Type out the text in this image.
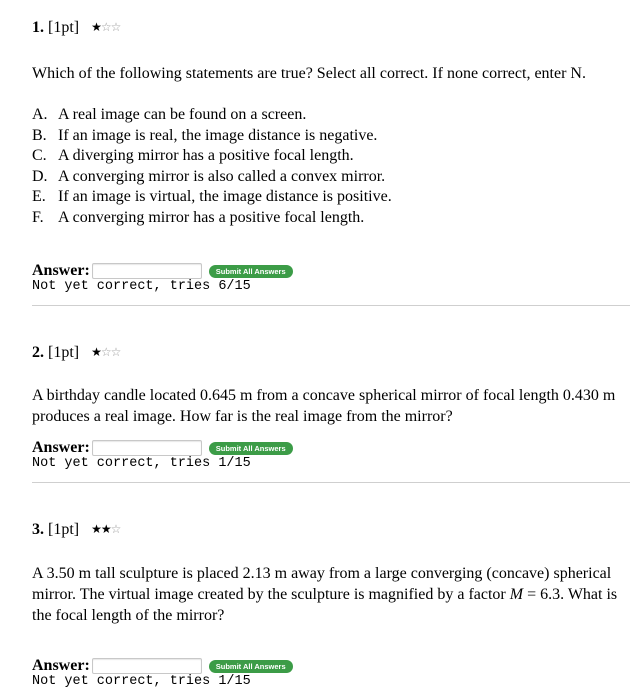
1. [1pt] ★☆☆
Which of the following statements are true? Select all correct. If none correct, enter N.
A. A real image can be found on a screen.
B. If an image is real, the image distance is negative.
C. A diverging mirror has a positive focal length.
D. A converging mirror is also called a convex mirror.
E. If an image is virtual, the image distance is positive.
F. A converging mirror has a positive focal length.
Answer:	Submit All Answers
Not yet correct, tries 6/15
2. [1pt] ★☆☆
A birthday candle located 0.645 m from a concave spherical mirror of focal length 0.430 m produces a real image. How far is the real image from the mirror?
Answer:	Submit All Answers
Not yet correct, tries 1/15
3. [1pt] ★★☆
A 3.50 m tall sculpture is placed 2.13 m away from a large converging (concave) spherical mirror. The virtual image created by the sculpture is magnified by a factor M = 6.3. What is the focal length of the mirror?
Answer:	Submit All Answers
Not yet correct, tries 1/15
